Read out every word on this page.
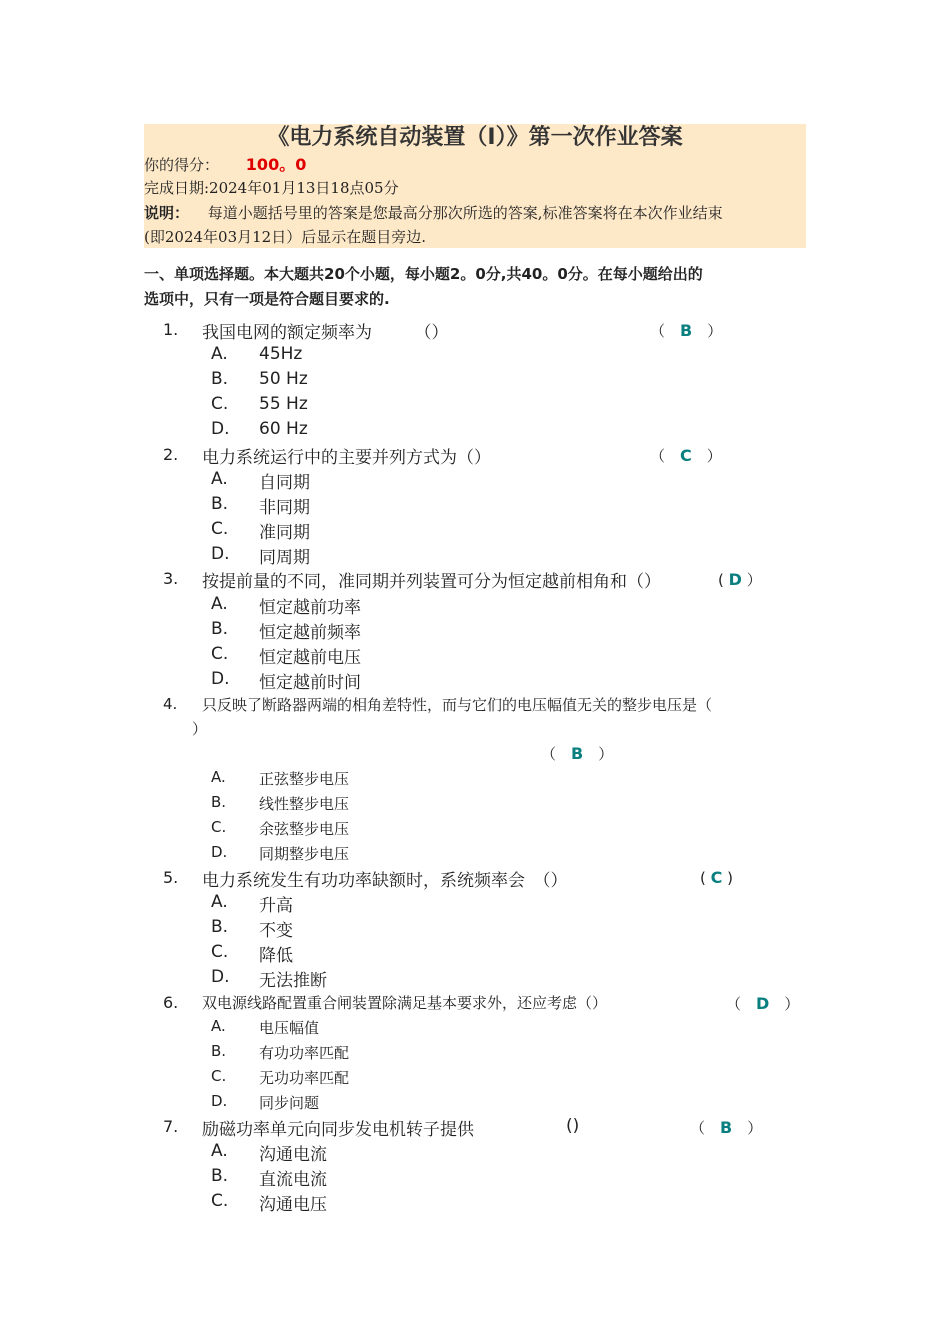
《电力系统自动装置（Ⅰ）》第一次作业答案
你的得分： 100。0
完成日期:2024年01月13日18点05分
说明： 每道小题括号里的答案是您最高分那次所选的答案,标准答案将在本次作业结束
(即2024年03月12日）后显示在题目旁边.
一、单项选择题。本大题共20个小题，每小题2。0分,共40。0分。在每小题给出的
选项中，只有一项是符合题目要求的.
1. 我国电网的额定频率为　　　（）	（　 B　 ）
A. 45Hz
B. 50 Hz
C. 55 Hz
D. 60 Hz
2. 电力系统运行中的主要并列方式为（）	（　 C　 ）
A. 自同期
B. 非同期
C. 准同期
D. 同周期
3. 按提前量的不同，准同期并列装置可分为恒定越前相角和（）	( D ）
A. 恒定越前功率
B. 恒定越前频率
C. 恒定越前电压
D. 恒定越前时间
4. 只反映了断路器两端的相角差特性，而与它们的电压幅值无关的整步电压是（
）
（　 B　 ）
A. 正弦整步电压
B. 线性整步电压
C. 余弦整步电压
D. 同期整步电压
5. 电力系统发生有功功率缺额时，系统频率会　（）	( C )
A. 升高
B. 不变
C. 降低
D. 无法推断
6. 双电源线路配置重合闸装置除满足基本要求外，还应考虑（）	（　 D　 ）
A. 电压幅值
B. 有功功率匹配
C. 无功功率匹配
D. 同步问题
7. 励磁功率单元向同步发电机转子提供	()	（　 B　 ）
A. 沟通电流
B. 直流电流
C. 沟通电压
